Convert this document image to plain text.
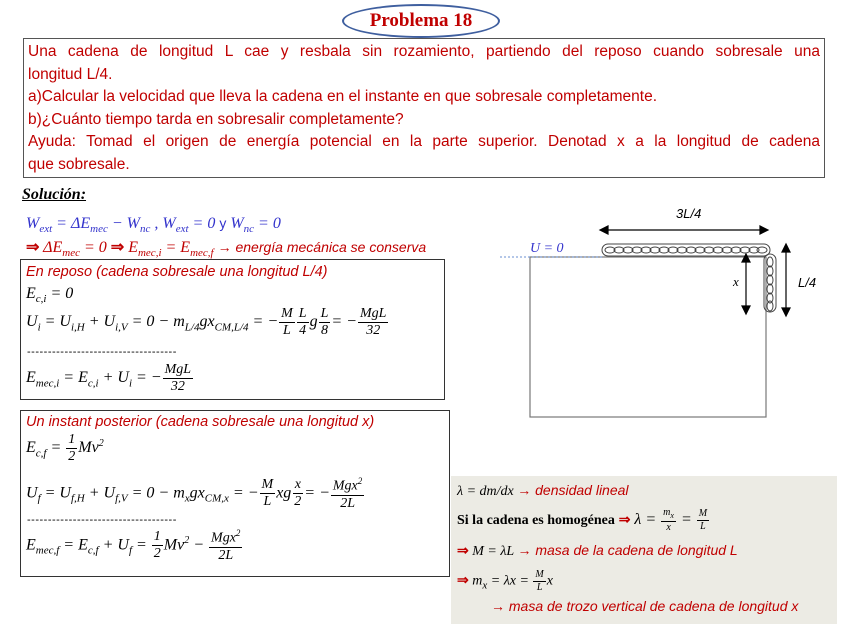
Problema 18

Una cadena de longitud L cae y resbala sin rozamiento, partiendo del reposo cuando sobresale una

longitud L/4.

a)Calcular la velocidad que lleva la cadena en el instante en que sobresale completamente.

b)¿Cuánto tiempo tarda en sobresalir completamente?

Ayuda: Tomad el origen de energía potencial en la parte superior. Denotad x a la longitud de cadena

que sobresale.

Solución:
$W_{ext} = \Delta E_{mec} - W_{nc}$ , $W_{ext} = 0$ y $W_{nc} = 0$
⇒ $\Delta E_{mec} = 0$ ⇒ $E_{mec,i} = E_{mec,f}$ → energía mecánica se conserva
En reposo (cadena sobresale una longitud L/4)
$E_{c,i} = 0$
$U_i = U_{i,H} + U_{i,V} = 0 - m_{L/4}gx_{CM,L/4}$ = − $\frac{M}{L} \frac{L}{4}$ g $\frac{L}{8}$ = − $\frac{\text{MgL}}{32}$
------------------------------------
$E_{mec,i} = E_{c,i} + U_i$ = − $\frac{\text{MgL}}{32}$
Un instant posterior (cadena sobresale una longitud x)
$E_{c,f} = \frac{1}{2} Mv^2$
$U_f = U_{f,H} + U_{f,V} = 0 - m_xgx_{CM,x}$ = − $\frac{M}{L}$ xg $\frac{x}{2}$ = − $\frac{Mgx^2}{2L}$
------------------------------------
$E_{mec,f} = E_{c,f} + U_f = \frac{1}{2} Mv^2 - \frac{Mgx^2}{2L}$
λ = dm/dx → densidad lineal
Si la cadena es homogénea ⇒ $\lambda = \frac{m_x}{x} = \frac{M}{L}$
⇒ M = λL → masa de la cadena de longitud L
⇒ $m_x = \lambda x = \frac{M}{L}$ x
→ masa de trozo vertical de cadena de longitud x
U = 0
3L/4
L/4
x
